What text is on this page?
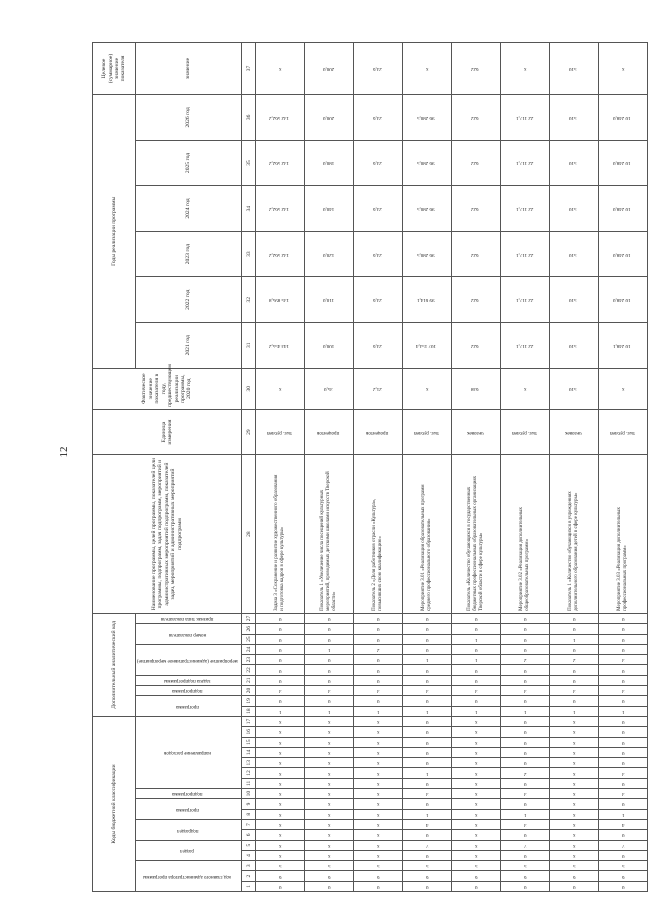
12
Коды бюджетной классификации																	Дополнительный аналитический код										Наименование программы, целей программы, показателей цели программы, подпрограмм, задач подпрограмм, мероприятий и административных мероприятий подпрограмм, показателей задач, мероприятий и административных мероприятий подпрограмм	Единица измерения	Фактическое значение показателя в году, предшествующем реализации программы, 2020 год	Годы реализации программы						Целевое (суммарное) значение показателя
код главного администратора программы			раздел		подраздел		программа		подпрограмма	направление расходов							программа		подпрограмма	задача подпрограммы	мероприятие (административное мероприятие)			номер показателя		признак типа показателя				2021 год	2022 год	2023 год	2024 год	2025 год	2026 год	значение
1	2	3	4	5	6	7	8	9	10	11	12	13	14	15	16	17	18	19	20	21	22	23	24	25	26	27	28	29	30	31	32	33	34	35	36	37
0	6	5	x	x	x	x	x	x	x	x	x	x	x	x	x	x	1	0	3	0	0	0	0	0	0	0	Задача 3 «Сохранение и развитие художественного образования и подготовка кадров в сфере культуры»	тыс. рублей	x	143 455,2	135 895,8	132 562,2	132 562,2	132 562,2	132 562,2	x
0	6	5	x	x	x	x	x	x	x	x	x	x	x	x	x	x	1	0	3	0	0	0	1	0	0	0	Показатель 1 «Увеличение числа посещений культурных мероприятий, проводимых детскими школами искусств Тверской области»	процентов	35,0	100,0	110,0	120,0	140,0	180,0	200,0	200,0
0	6	5	x	x	x	x	x	x	x	x	x	x	x	x	x	x	1	0	3	0	0	0	2	0	0	0	Показатель 2 «Доля работников отрасли «Культура», повысивших свою квалификацию»	процентов	21,2	23,6	23,6	23,6	23,6	23,6	23,6	23,6
0	6	5	0	7	0	4	1	0	3	0	1	0	0	0	0	0	1	0	3	0	0	1	0	0	0	0	Мероприятие 3.01 «Реализация образовательных программ среднего профессионального образования»	тыс. рублей	x	107 153,4	99 614,1	96 280,5	96 280,5	96 280,5	96 280,5	x
0	6	5	x	x	x	x	x	x	x	x	x	x	x	x	x	x	1	0	3	0	0	1	0	1	0	0	Показатель «Количество обучающихся в государственных бюджетных профессиональных образовательных организациях Тверской области в сфере культуры»	человек	638	622	622	622	622	622	622	622
0	6	5	0	7	0	3	1	0	3	0	2	0	0	0	0	0	1	0	3	0	0	2	0	0	0	0	Мероприятие 3.02 «Реализация дополнительных общеобразовательных программ»	тыс. рублей	x	22 117,1	22 117,1	22 117,1	22 117,1	22 117,1	22 117,1	x
0	6	5	x	x	x	x	x	x	x	x	x	x	x	x	x	x	1	0	3	0	0	2	0	1	0	0	Показатель 1 «Количество обучающихся в учреждениях дополнительного образования детей в сфере культуры»	человек	510	510	510	510	510	510	510	510
0	6	5	0	7	0	4	1	0	3	0	3	0	0	0	0	0	1	0	3	0	0	3	0	0	0	0	Мероприятие 3.03 «Реализация дополнительных профессиональных программ»	тыс. рублей	x	10 248,1	10 248,0	10 248,0	10 248,0	10 248,0	10 248,0	x
